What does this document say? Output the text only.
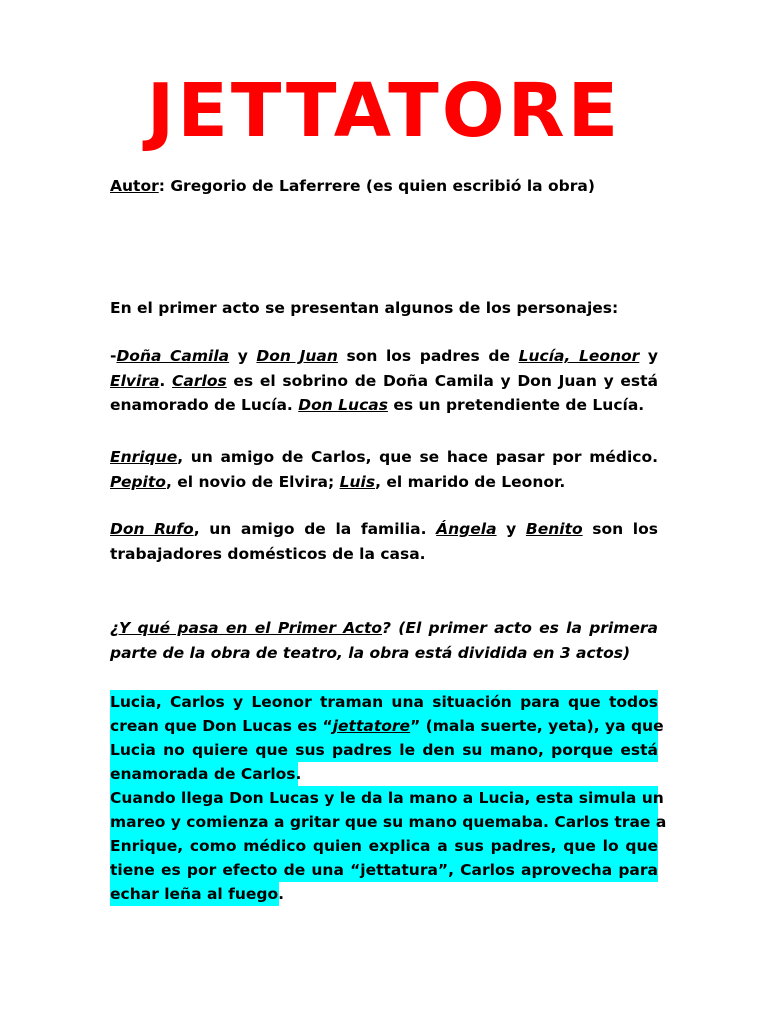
JETTATORE

Autor: Gregorio de Laferrere (es quien escribió la obra)

En el primer acto se presentan algunos de los personajes:

-Doña Camila y Don Juan son los padres de Lucía, Leonor y Elvira. Carlos es el sobrino de Doña Camila y Don Juan y está enamorado de Lucía. Don Lucas es un pretendiente de Lucía.

Enrique, un amigo de Carlos, que se hace pasar por médico. Pepito, el novio de Elvira; Luis, el marido de Leonor.

Don Rufo, un amigo de la familia. Ángela y Benito son los trabajadores domésticos de la casa.

¿Y qué pasa en el Primer Acto? (El primer acto es la primera parte de la obra de teatro, la obra está dividida en 3 actos)

Lucia, Carlos y Leonor traman una situación para que todos
crean que Don Lucas es “jettatore” (mala suerte, yeta), ya que
Lucia no quiere que sus padres le den su mano, porque está
enamorada de Carlos.
Cuando llega Don Lucas y le da la mano a Lucia, esta simula un
mareo y comienza a gritar que su mano quemaba. Carlos trae a
Enrique, como médico quien explica a sus padres, que lo que
tiene es por efecto de una “jettatura”, Carlos aprovecha para
echar leña al fuego.
